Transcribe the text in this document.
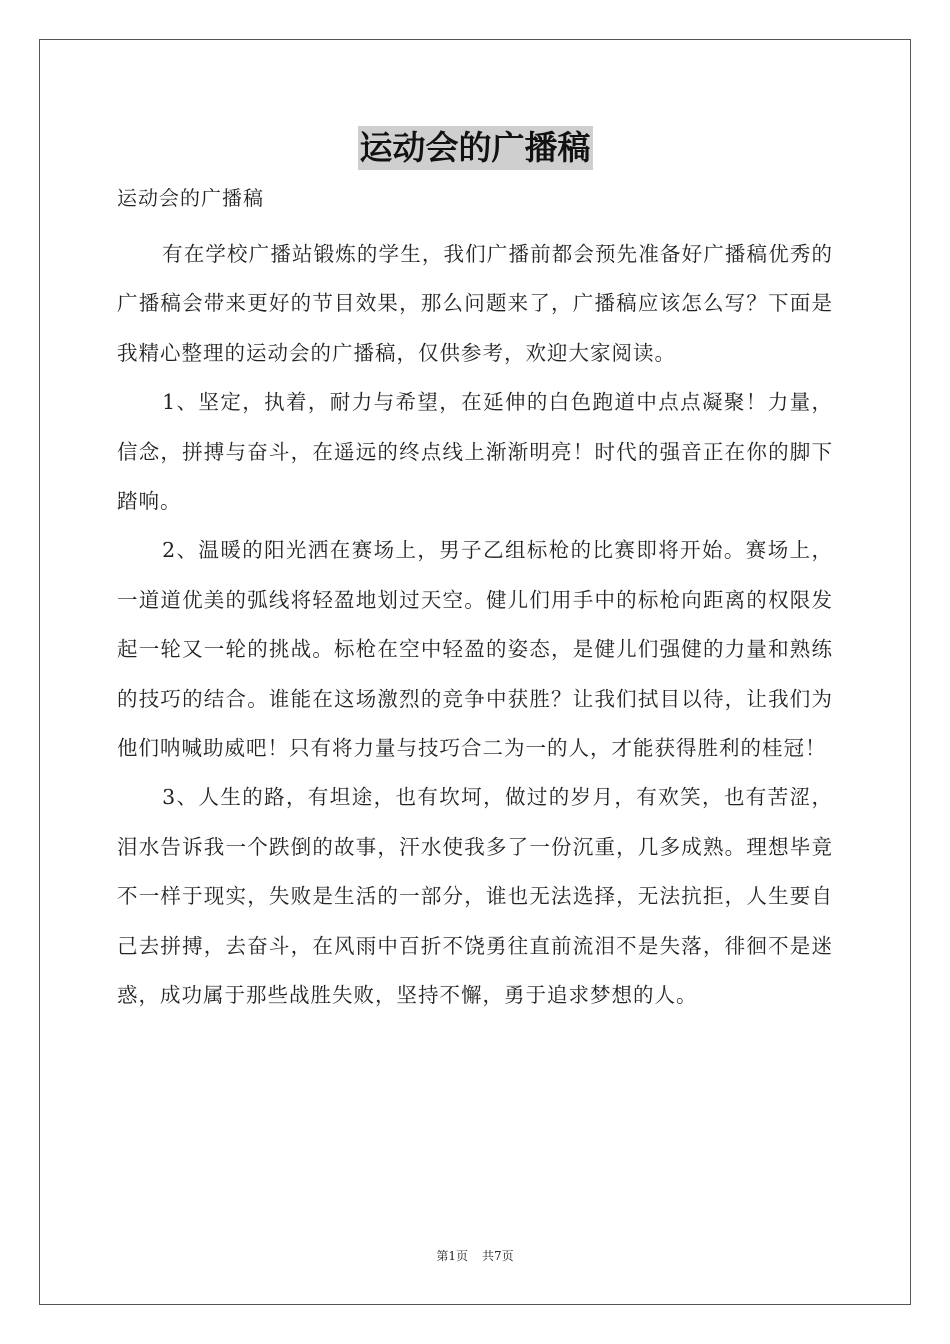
运动会的广播稿
运动会的广播稿

有在学校广播站锻炼的学生，我们广播前都会预先准备好广播稿优秀的广播稿会带来更好的节目效果，那么问题来了，广播稿应该怎么写？下面是我精心整理的运动会的广播稿，仅供参考，欢迎大家阅读。

1、坚定，执着，耐力与希望，在延伸的白色跑道中点点凝聚！力量，信念，拼搏与奋斗，在遥远的终点线上渐渐明亮！时代的强音正在你的脚下踏响。

2、温暖的阳光洒在赛场上，男子乙组标枪的比赛即将开始。赛场上，一道道优美的弧线将轻盈地划过天空。健儿们用手中的标枪向距离的权限发起一轮又一轮的挑战。标枪在空中轻盈的姿态，是健儿们强健的力量和熟练的技巧的结合。谁能在这场激烈的竞争中获胜？让我们拭目以待，让我们为他们呐喊助威吧！只有将力量与技巧合二为一的人，才能获得胜利的桂冠！

3、人生的路，有坦途，也有坎坷，做过的岁月，有欢笑，也有苦涩，泪水告诉我一个跌倒的故事，汗水使我多了一份沉重，几多成熟。理想毕竟不一样于现实，失败是生活的一部分，谁也无法选择，无法抗拒，人生要自己去拼搏，去奋斗，在风雨中百折不饶勇往直前流泪不是失落，徘徊不是迷惑，成功属于那些战胜失败，坚持不懈，勇于追求梦想的人。

第1页 共7页
